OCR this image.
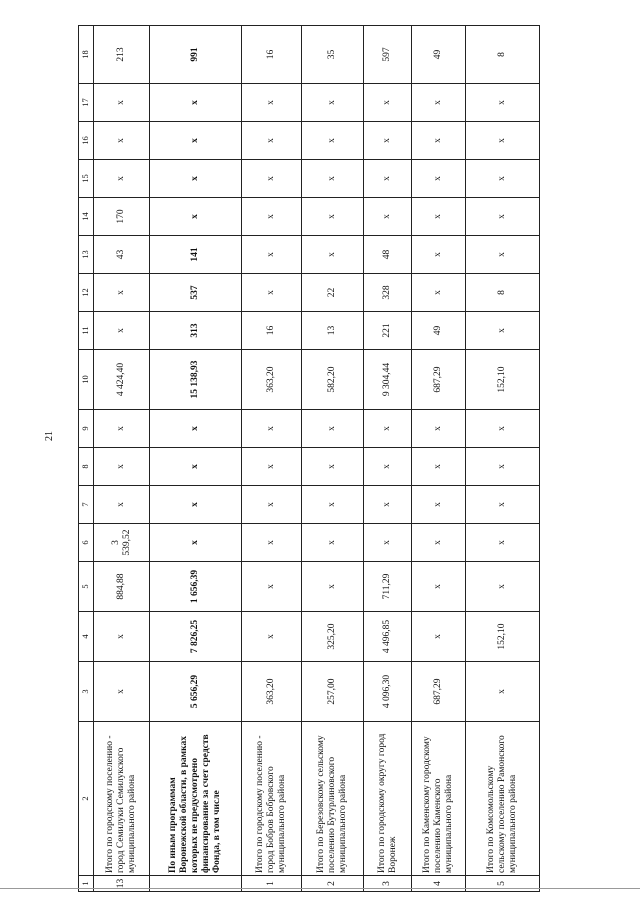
21
1	2	3	4	5	6	7	8	9	10	11	12	13	14	15	16	17	18
13	Итого по городскому поселению - город Семилуки Семилукского муниципального района	x	x	884,88	3 539,52	x	x	x	4 424,40	x	x	43	170	x	x	x	213
	По иным программам Воронежской области, в рамках которых не предусмотрено финансирование за счет средств Фонда, в том числе	5 656,29	7 826,25	1 656,39	x	x	x	x	15 138,93	313	537	141	x	x	x	x	991
1	Итого по городскому поселению - город Бобров Бобровского муниципального района	363,20	x	x	x	x	x	x	363,20	16	x	x	x	x	x	x	16
2	Итого по Березовскому сельскому поселению Бутурлиновского муниципального района	257,00	325,20	x	x	x	x	x	582,20	13	22	x	x	x	x	x	35
3	Итого по городскому округу город Воронеж	4 096,30	4 496,85	711,29	x	x	x	x	9 304,44	221	328	48	x	x	x	x	597
4	Итого по Каменскому городскому поселению Каменского муниципального района	687,29	x	x	x	x	x	x	687,29	49	x	x	x	x	x	x	49
5	Итого по Комсомольскому сельскому поселению Рамонского муниципального района	x	152,10	x	x	x	x	x	152,10	x	8	x	x	x	x	x	8
